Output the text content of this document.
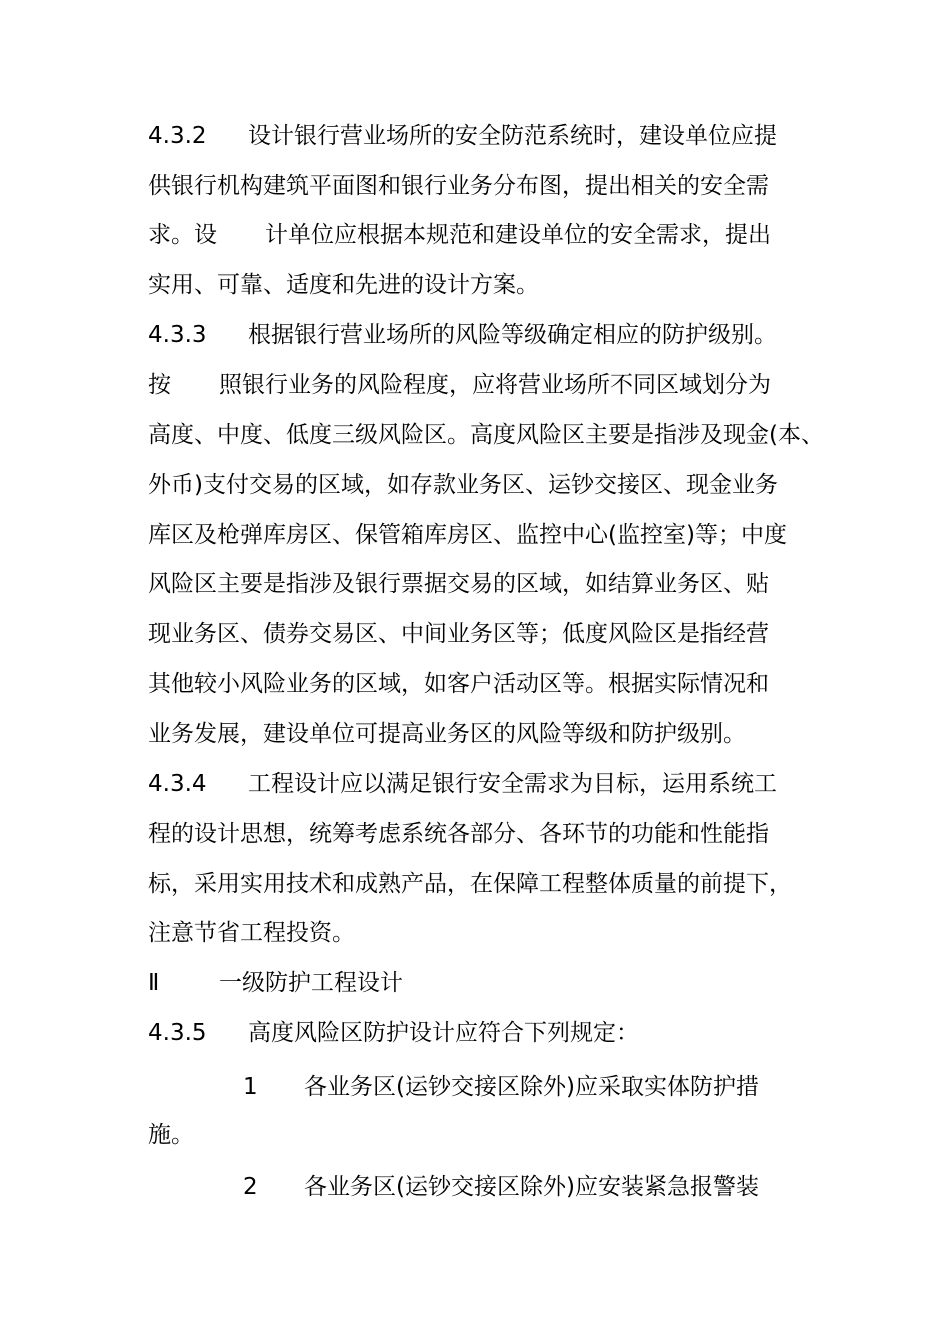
4.3.2 设计银行营业场所的安全防范系统时，建设单位应提
供银行机构建筑平面图和银行业务分布图，提出相关的安全需
求。设 计单位应根据本规范和建设单位的安全需求，提出
实用、可靠、适度和先进的设计方案。
4.3.3 根据银行营业场所的风险等级确定相应的防护级别。
按 照银行业务的风险程度，应将营业场所不同区域划分为
高度、中度、低度三级风险区。高度风险区主要是指涉及现金(本、
外币)支付交易的区域，如存款业务区、运钞交接区、现金业务
库区及枪弹库房区、保管箱库房区、监控中心(监控室)等；中度
风险区主要是指涉及银行票据交易的区域，如结算业务区、贴
现业务区、债券交易区、中间业务区等；低度风险区是指经营
其他较小风险业务的区域，如客户活动区等。根据实际情况和
业务发展，建设单位可提高业务区的风险等级和防护级别。
4.3.4 工程设计应以满足银行安全需求为目标，运用系统工
程的设计思想，统筹考虑系统各部分、各环节的功能和性能指
标，采用实用技术和成熟产品，在保障工程整体质量的前提下，
注意节省工程投资。
Ⅱ	一级防护工程设计
4.3.5 高度风险区防护设计应符合下列规定：
1 各业务区(运钞交接区除外)应采取实体防护措
施。
2 各业务区(运钞交接区除外)应安装紧急报警装
